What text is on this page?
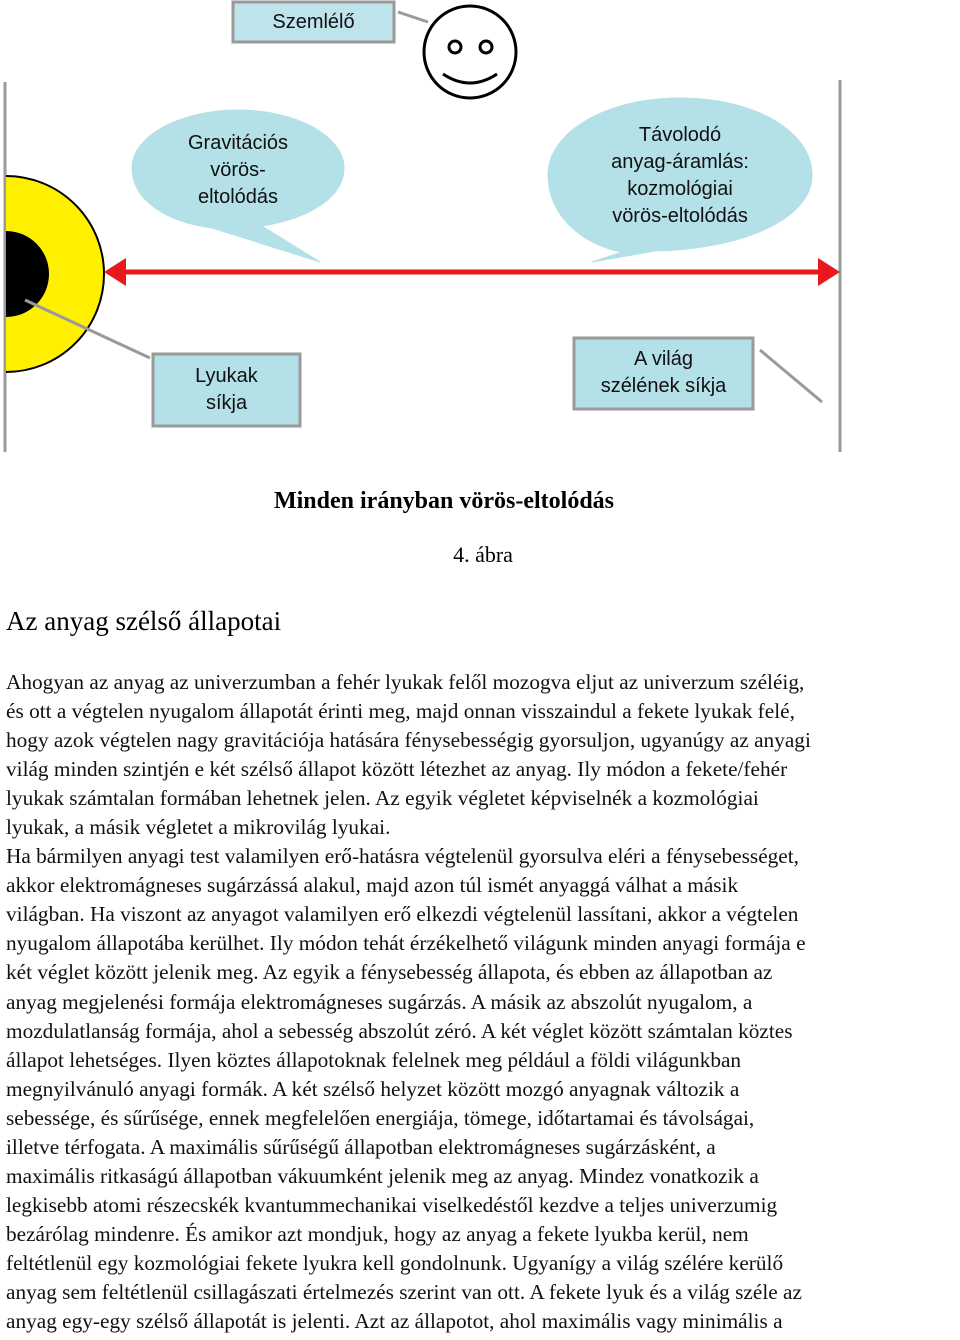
Szemlélő
Gravitációs
vörös-
eltolódás
Távolodó
anyag-áramlás:
kozmológiai
vörös-eltolódás
Lyukak
síkja
A világ
szélének síkja
Minden irányban vörös-eltolódás
4. ábra
Az anyag szélső állapotai
Ahogyan az anyag az univerzumban a fehér lyukak felől mozogva eljut az univerzum széléig,
és ott a végtelen nyugalom állapotát érinti meg, majd onnan visszaindul a fekete lyukak felé,
hogy azok végtelen nagy gravitációja hatására fénysebességig gyorsuljon, ugyanúgy az anyagi
világ minden szintjén e két szélső állapot között létezhet az anyag. Ily módon a fekete/fehér
lyukak számtalan formában lehetnek jelen. Az egyik végletet képviselnék a kozmológiai
lyukak, a másik végletet a mikrovilág lyukai.
Ha bármilyen anyagi test valamilyen erő-hatásra végtelenül gyorsulva eléri a fénysebességet,
akkor elektromágneses sugárzássá alakul, majd azon túl ismét anyaggá válhat a másik
világban. Ha viszont az anyagot valamilyen erő elkezdi végtelenül lassítani, akkor a végtelen
nyugalom állapotába kerülhet. Ily módon tehát érzékelhető világunk minden anyagi formája e
két véglet között jelenik meg. Az egyik a fénysebesség állapota, és ebben az állapotban az
anyag megjelenési formája elektromágneses sugárzás. A másik az abszolút nyugalom, a
mozdulatlanság formája, ahol a sebesség abszolút zéró. A két véglet között számtalan köztes
állapot lehetséges. Ilyen köztes állapotoknak felelnek meg például a földi világunkban
megnyilvánuló anyagi formák. A két szélső helyzet között mozgó anyagnak változik a
sebessége, és sűrűsége, ennek megfelelően energiája, tömege, időtartamai és távolságai,
illetve térfogata. A maximális sűrűségű állapotban elektromágneses sugárzásként, a
maximális ritkaságú állapotban vákuumként jelenik meg az anyag. Mindez vonatkozik a
legkisebb atomi részecskék kvantummechanikai viselkedéstől kezdve a teljes univerzumig
bezárólag mindenre. És amikor azt mondjuk, hogy az anyag a fekete lyukba kerül, nem
feltétlenül egy kozmológiai fekete lyukra kell gondolnunk. Ugyanígy a világ szélére kerülő
anyag sem feltétlenül csillagászati értelmezés szerint van ott. A fekete lyuk és a világ széle az
anyag egy-egy szélső állapotát is jelenti. Azt az állapotot, ahol maximális vagy minimális a
